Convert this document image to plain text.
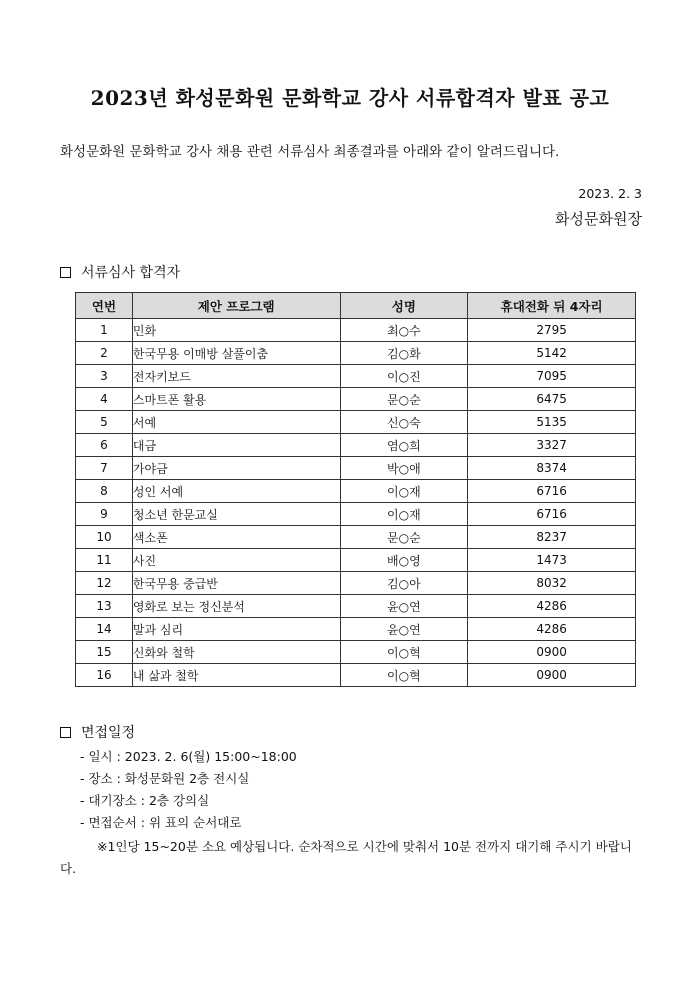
2023년 화성문화원 문화학교 강사 서류합격자 발표 공고
화성문화원 문화학교 강사 채용 관련 서류심사 최종결과를 아래와 같이 알려드립니다.
2023. 2. 3
화성문화원장
서류심사 합격자
연번	제안 프로그램	성명	휴대전화 뒤 4자리
1	민화	최○수	2795
2	한국무용 이매방 살풀이춤	김○화	5142
3	전자키보드	이○진	7095
4	스마트폰 활용	문○순	6475
5	서예	신○숙	5135
6	대금	염○희	3327
7	가야금	박○애	8374
8	성인 서예	이○재	6716
9	청소년 한문교실	이○재	6716
10	색소폰	문○순	8237
11	사진	배○영	1473
12	한국무용 중급반	김○아	8032
13	영화로 보는 정신분석	윤○연	4286
14	말과 심리	윤○연	4286
15	신화와 철학	이○혁	0900
16	내 삶과 철학	이○혁	0900
면접일정
- 일시 : 2023. 2. 6(월) 15:00~18:00
- 장소 : 화성문화원 2층 전시실
- 대기장소 : 2층 강의실
- 면접순서 : 위 표의 순서대로
※1인당 15~20분 소요 예상됩니다. 순차적으로 시간에 맞춰서 10분 전까지 대기해 주시기 바랍니다.
